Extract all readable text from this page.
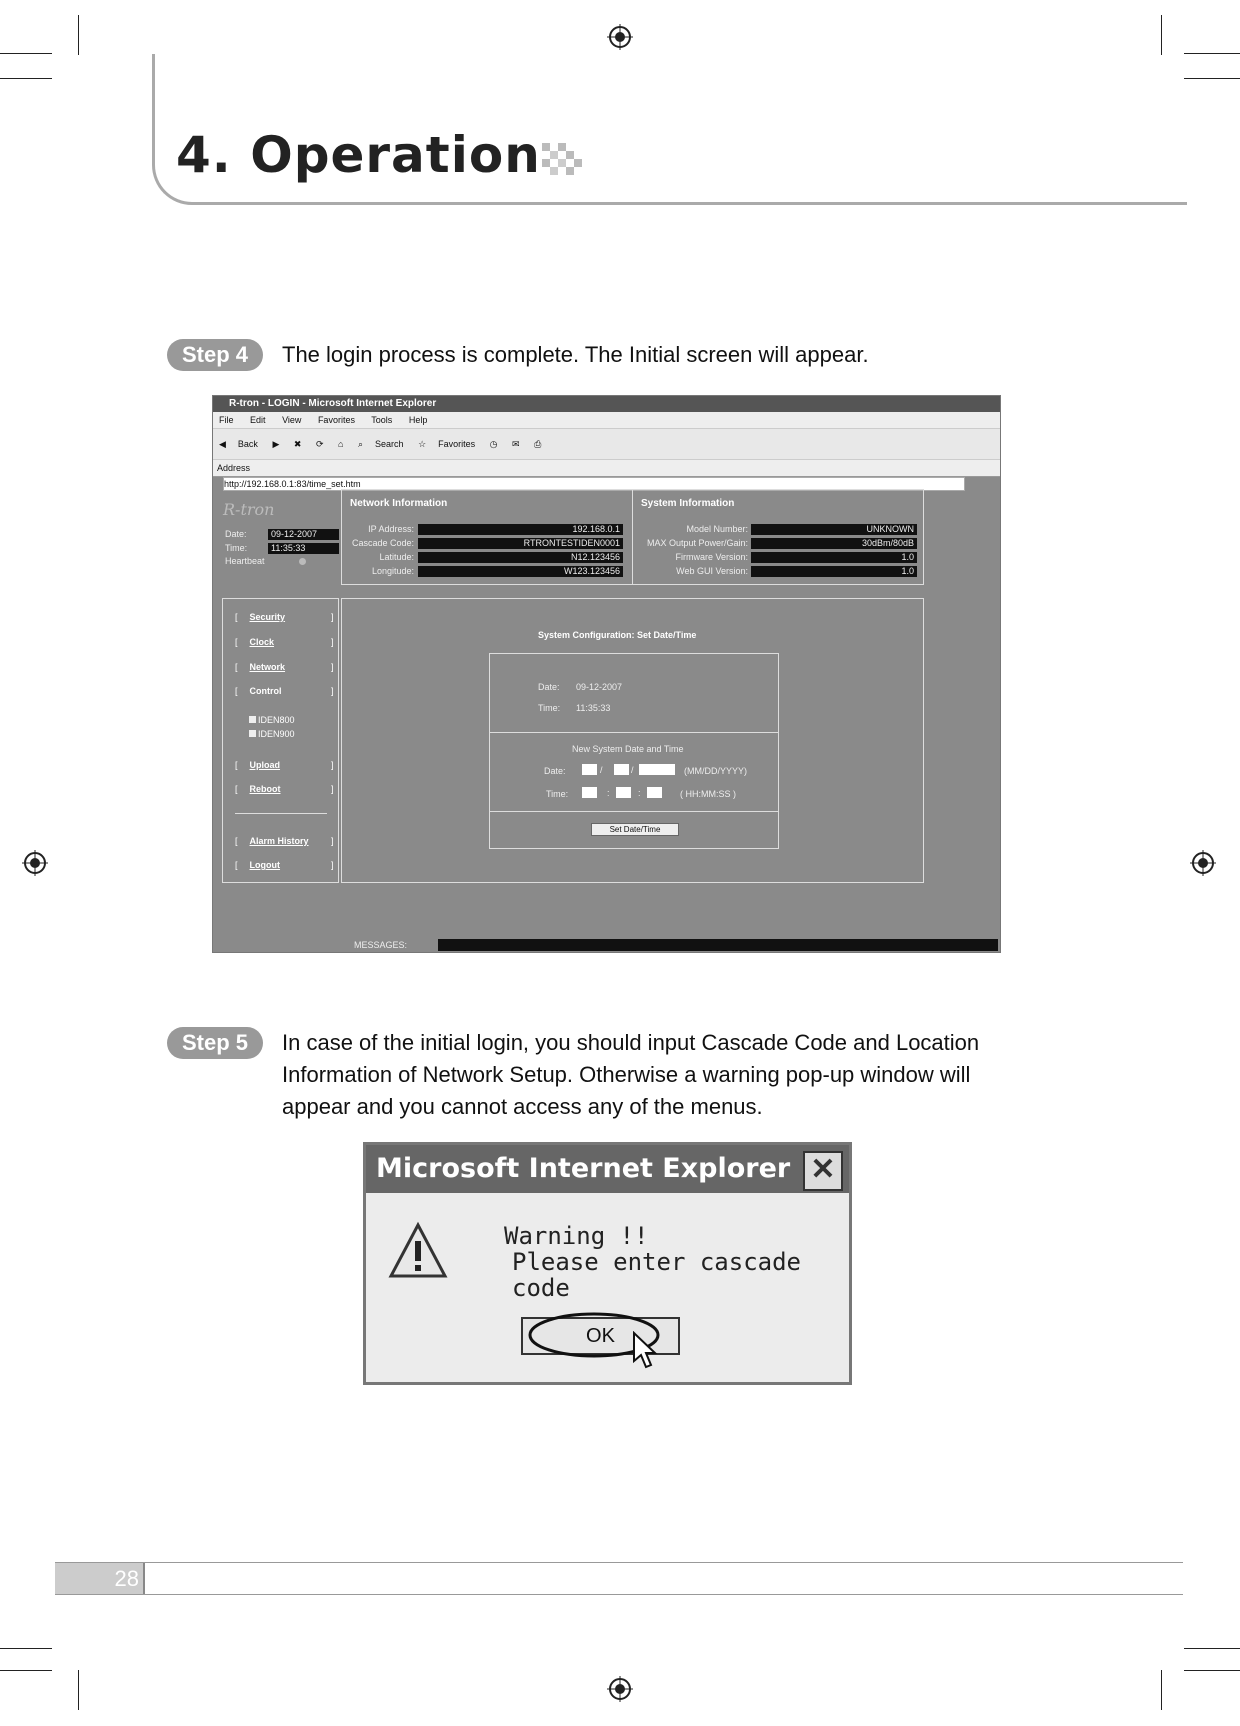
4. Operation
Step 4	The login process is complete. The Initial screen will appear.
R-tron - LOGIN - Microsoft Internet Explorer
File Edit View Favorites Tools Help
◀ Back ▶ ✖ ⟳ ⌂ ⌕ Search ☆ Favorites ◷ ✉ ⎙
Address http://192.168.0.1:83/time_set.htm
R-tron
Date:	09-12-2007
Time:	11:35:33
Heartbeat
Network Information
IP Address:	192.168.0.1
Cascade Code:	RTRONTESTIDEN0001
Latitude:	N12.123456
Longitude:	W123.123456
System Information
Model Number:	UNKNOWN
MAX Output Power/Gain:	30dBm/80dB
Firmware Version:	1.0
Web GUI Version:	1.0
[ Security	]
[ Clock	]
[ Network	]
[ Control	]
IDEN800
IDEN900
[ Upload	]
[ Reboot	]
[ Alarm History ]
[ Logout	]
System Configuration: Set Date/Time
Date: 09-12-2007
Time: 11:35:33
New System Date and Time
Date:	/	/	(MM/DD/YYYY)
Time:	:	:	( HH:MM:SS )
Set Date/Time
MESSAGES:
Step 5	In case of the initial login, you should input Cascade Code and Location
Information of Network Setup. Otherwise a warning pop-up window will
appear and you cannot access any of the menus.
Microsoft Internet Explorer ✕
Warning !!
Please enter cascade code
OK
28
